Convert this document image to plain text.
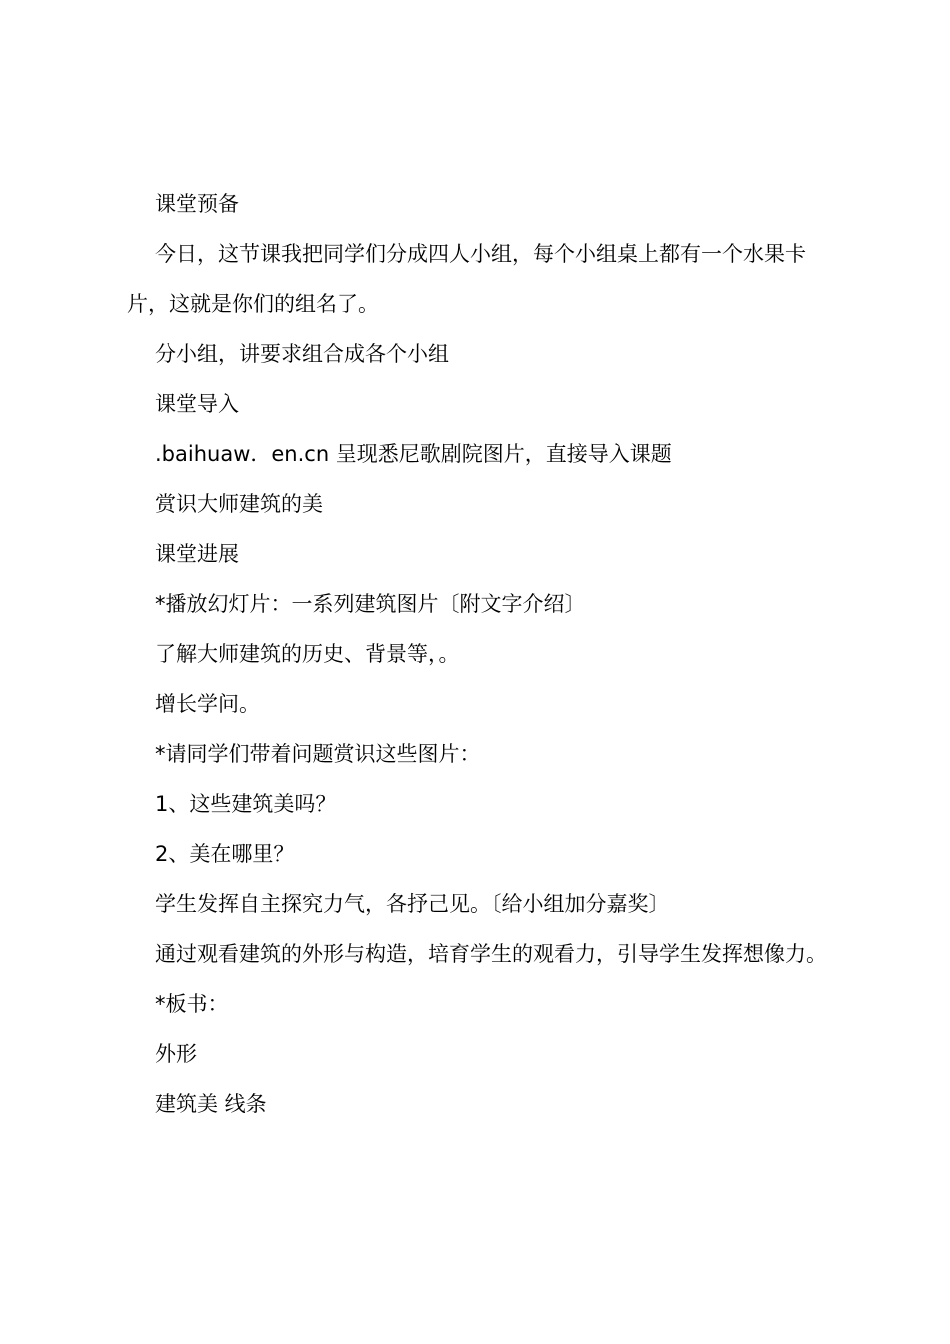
课堂预备

今日，这节课我把同学们分成四人小组，每个小组桌上都有一个水果卡片，这就是你们的组名了。

分小组，讲要求组合成各个小组

课堂导入

.baihuaw．en.cn 呈现悉尼歌剧院图片，直接导入课题

赏识大师建筑的美

课堂进展

*播放幻灯片：一系列建筑图片〔附文字介绍〕

了解大师建筑的历史、背景等，。

增长学问。

*请同学们带着问题赏识这些图片：

1、这些建筑美吗？

2、美在哪里？

学生发挥自主探究力气，各抒己见。〔给小组加分嘉奖〕

通过观看建筑的外形与构造，培育学生的观看力，引导学生发挥想像力。

*板书：

外形

建筑美 线条
